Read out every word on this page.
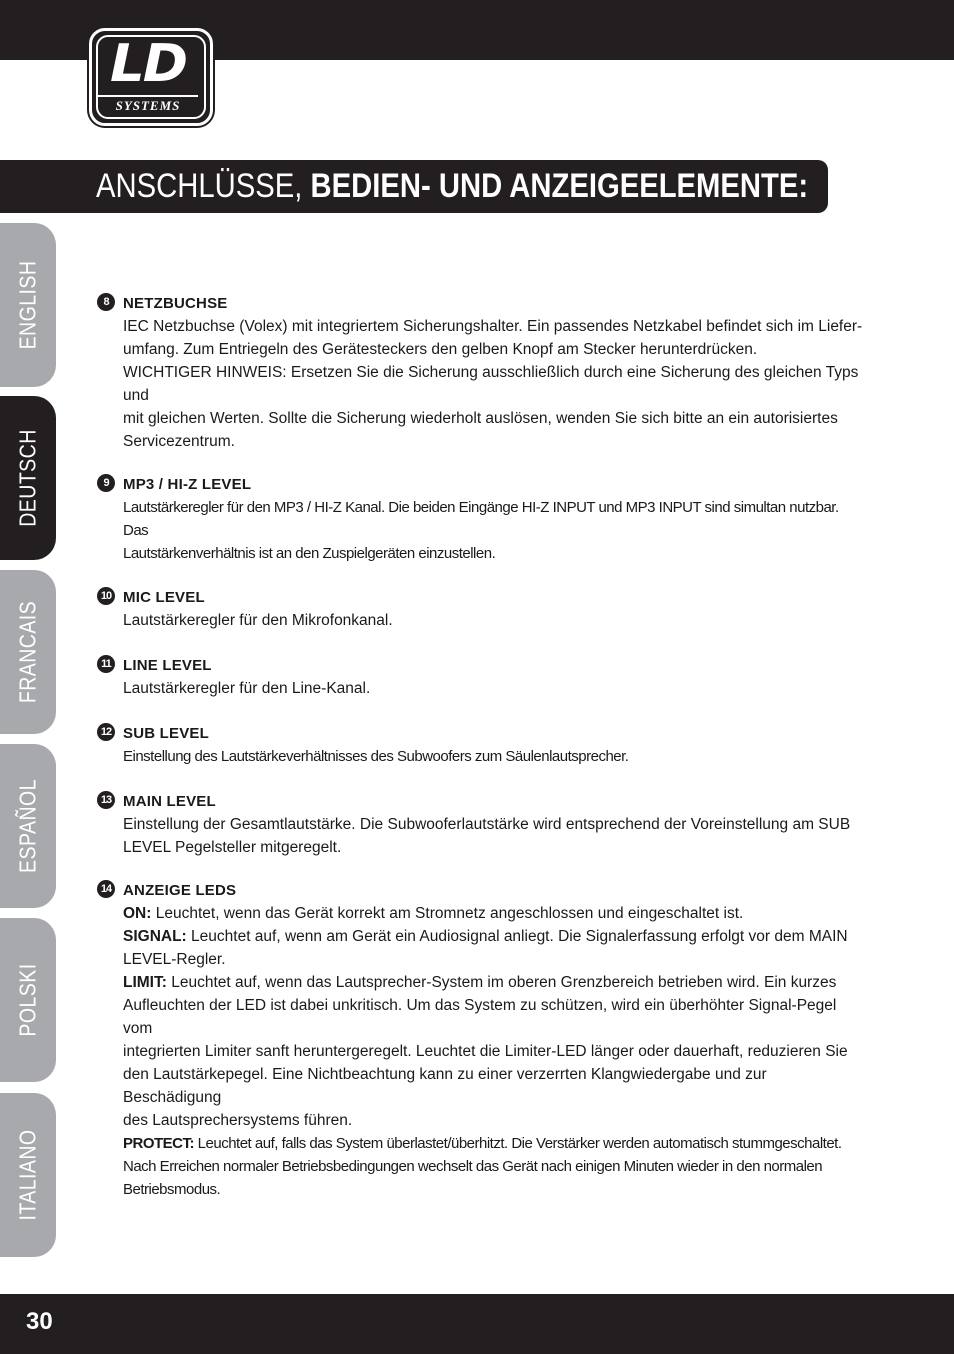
LD
SYSTEMS
ANSCHLÜSSE, BEDIEN- UND ANZEIGEELEMENTE:
ENGLISH
DEUTSCH
FRANCAIS
ESPAÑOL
POLSKI
ITALIANO
8 NETZBUCHSE

IEC Netzbuchse (Volex) mit integriertem Sicherungshalter. Ein passendes Netzkabel befindet sich im Liefer-

umfang. Zum Entriegeln des Gerätesteckers den gelben Knopf am Stecker herunterdrücken.

WICHTIGER HINWEIS: Ersetzen Sie die Sicherung ausschließlich durch eine Sicherung des gleichen Typs und

mit gleichen Werten. Sollte die Sicherung wiederholt auslösen, wenden Sie sich bitte an ein autorisiertes

Servicezentrum.

9 MP3 / HI-Z LEVEL

Lautstärkeregler für den MP3 / HI-Z Kanal. Die beiden Eingänge HI-Z INPUT und MP3 INPUT sind simultan nutzbar. Das

Lautstärkenverhältnis ist an den Zuspielgeräten einzustellen.

10 MIC LEVEL

Lautstärkeregler für den Mikrofonkanal.

11 LINE LEVEL

Lautstärkeregler für den Line-Kanal.

12 SUB LEVEL

Einstellung des Lautstärkeverhältnisses des Subwoofers zum Säulenlautsprecher.

13 MAIN LEVEL

Einstellung der Gesamtlautstärke. Die Subwooferlautstärke wird entsprechend der Voreinstellung am SUB

LEVEL Pegelsteller mitgeregelt.

14 ANZEIGE LEDS

ON: Leuchtet, wenn das Gerät korrekt am Stromnetz angeschlossen und eingeschaltet ist.

SIGNAL: Leuchtet auf, wenn am Gerät ein Audiosignal anliegt. Die Signalerfassung erfolgt vor dem MAIN

LEVEL-Regler.

LIMIT: Leuchtet auf, wenn das Lautsprecher-System im oberen Grenzbereich betrieben wird. Ein kurzes

Aufleuchten der LED ist dabei unkritisch. Um das System zu schützen, wird ein überhöhter Signal-Pegel vom

integrierten Limiter sanft heruntergeregelt. Leuchtet die Limiter-LED länger oder dauerhaft, reduzieren Sie

den Lautstärkepegel. Eine Nichtbeachtung kann zu einer verzerrten Klangwiedergabe und zur Beschädigung

des Lautsprechersystems führen.

PROTECT: Leuchtet auf, falls das System überlastet/überhitzt. Die Verstärker werden automatisch stummgeschaltet.

Nach Erreichen normaler Betriebsbedingungen wechselt das Gerät nach einigen Minuten wieder in den normalen

Betriebsmodus.

30
